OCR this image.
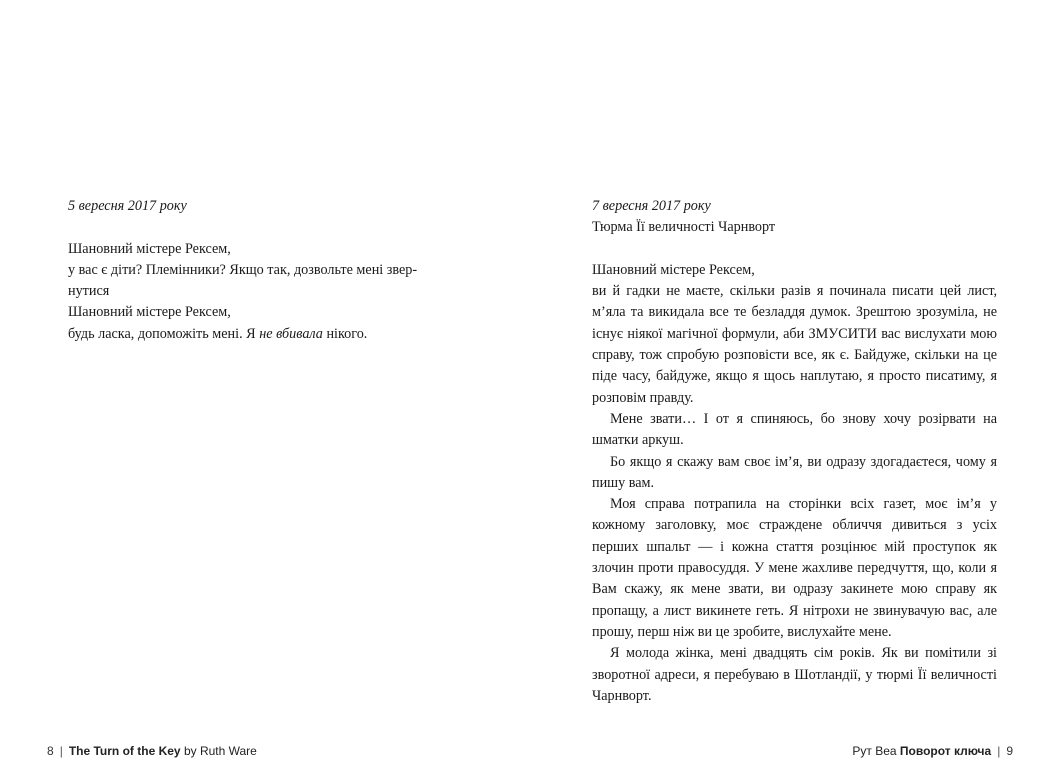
5 вересня 2017 року
Шановний містере Рексем,
у вас є діти? Племінники? Якщо так, дозвольте мені звер-
нутися
Шановний містере Рексем,
будь ласка, допоможіть мені. Я не вбивала нікого.
7 вересня 2017 року
Тюрма Її величності Чарнворт
Шановний містере Рексем,
ви й гадки не маєте, скільки разів я починала писати цей лист, м’яла та викидала все те безладдя думок. Зрештою зрозуміла, не існує ніякої магічної формули, аби ЗМУСИТИ вас вислухати мою справу, тож спробую розповісти все, як є. Байдуже, скільки на це піде часу, байдуже, якщо я щось наплутаю, я просто писатиму, я розповім правду.
Мене звати… І от я спиняюсь, бо знову хочу розірвати на шматки аркуш.
Бо якщо я скажу вам своє ім’я, ви одразу здогадаєтеся, чому я пишу вам.
Моя справа потрапила на сторінки всіх газет, моє ім’я у кожному заголовку, моє страждене обличчя дивиться з усіх перших шпальт — і кожна стаття розцінює мій проступок як злочин проти правосуддя. У мене жахливе передчуття, що, коли я Вам скажу, як мене звати, ви одразу закинете мою справу як пропащу, а лист викинете геть. Я нітрохи не звинувачую вас, але прошу, перш ніж ви це зробите, вислухайте мене.
Я молода жінка, мені двадцять сім років. Як ви помітили зі зворотної адреси, я перебуваю в Шотландії, у тюрмі Її величності Чарнворт.
8 | The Turn of the Key by Ruth Ware	Рут Веа Поворот ключа | 9
